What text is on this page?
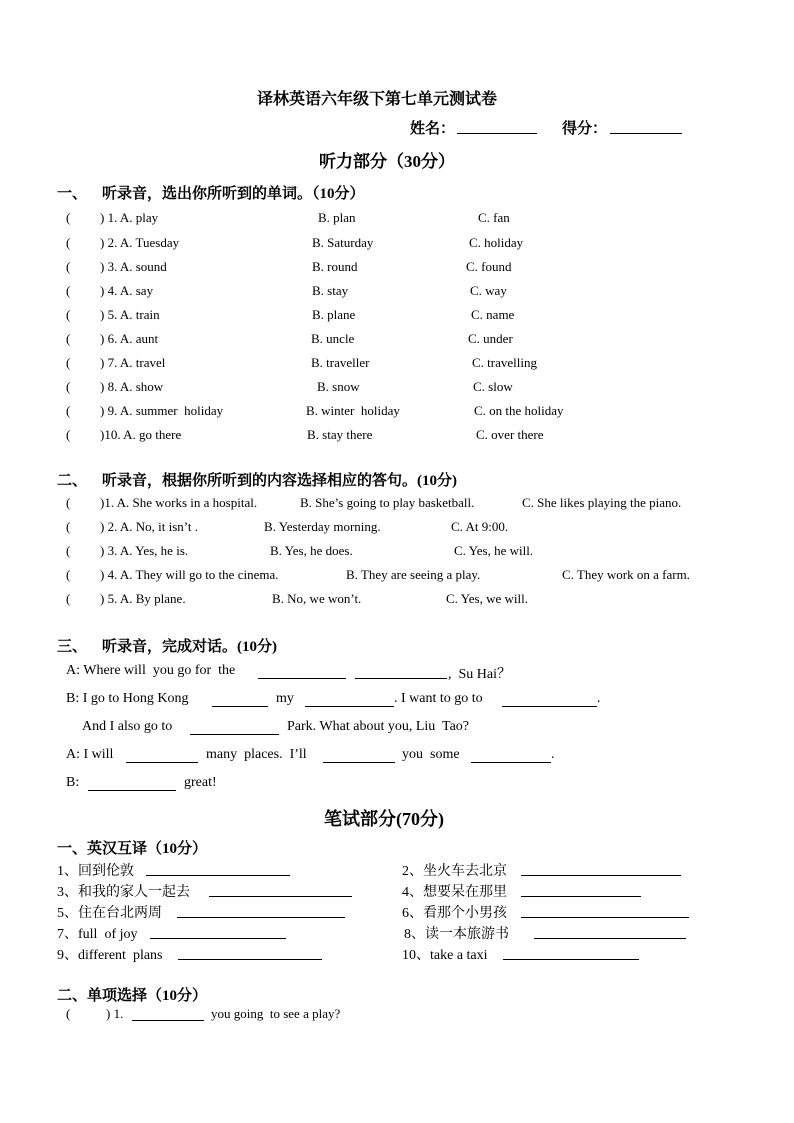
译林英语六年级下第七单元测试卷
姓名：	得分：
听力部分（30分）
一、    听录音，选出你所听到的单词。（10分）
( ) 1. A. play	B. plan	C. fan
( ) 2. A. Tuesday	B. Saturday	C. holiday
( ) 3. A. sound	B. round	C. found
( ) 4. A. say	B. stay	C. way
( ) 5. A. train	B. plane	C. name
( ) 6. A. aunt	B. uncle	C. under
( ) 7. A. travel	B. traveller	C. travelling
( ) 8. A. show	B. snow	C. slow
( ) 9. A. summer  holiday	B. winter  holiday	C. on the holiday
( )10. A. go there	B. stay there	C. over there
二、    听录音，根据你所听到的内容选择相应的答句。(10分)
( )1. A. She works in a hospital.	B. She’s going to play basketball.	C. She likes playing the piano.
( ) 2. A. No, it isn’t .	B. Yesterday morning.	C. At 9:00.
( ) 3. A. Yes, he is.	B. Yes, he does.	C. Yes, he will.
( ) 4. A. They will go to the cinema.	B. They are seeing a play.	C. They work on a farm.
( ) 5. A. By plane.	B. No, we won’t.	C. Yes, we will.
三、    听录音，完成对话。(10分)
A: Where will  you go for  the	,  Su Hai？
B: I go to Hong Kong	my	. I want to go to	.
And I also go to	Park. What about you, Liu  Tao?
A: I will	many  places.  I’ll	you  some	.
B:	great!
笔试部分(70分)
一、英汉互译（10分）
1、回到伦敦	2、坐火车去北京
3、和我的家人一起去	4、想要呆在那里
5、住在台北两周	6、看那个小男孩
7、full  of joy	8、读一本旅游书
9、different  plans	10、take a taxi
二、单项选择（10分）
(	) 1.	you going  to see a play?
